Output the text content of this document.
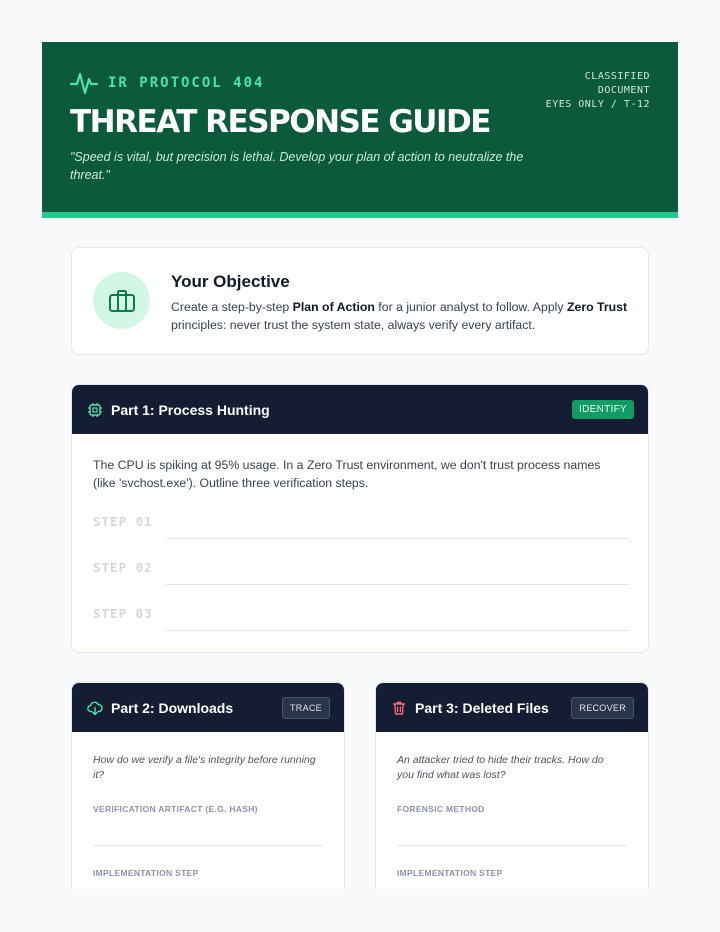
IR PROTOCOL 404	CLASSIFIED
DOCUMENT
EYES ONLY / T-12
THREAT RESPONSE GUIDE
"Speed is vital, but precision is lethal. Develop your plan of action to neutralize the threat."
Your Objective
Create a step-by-step Plan of Action for a junior analyst to follow. Apply Zero Trust principles: never trust the system state, always verify every artifact.
Part 1: Process Hunting	IDENTIFY
The CPU is spiking at 95% usage. In a Zero Trust environment, we don't trust process names (like 'svchost.exe'). Outline three verification steps.
STEP 01
STEP 02
STEP 03
Part 2: Downloads	TRACE
How do we verify a file's integrity before running it?
VERIFICATION ARTIFACT (E.G. HASH)
IMPLEMENTATION STEP
Part 3: Deleted Files	RECOVER
An attacker tried to hide their tracks. How do you find what was lost?
FORENSIC METHOD
IMPLEMENTATION STEP
